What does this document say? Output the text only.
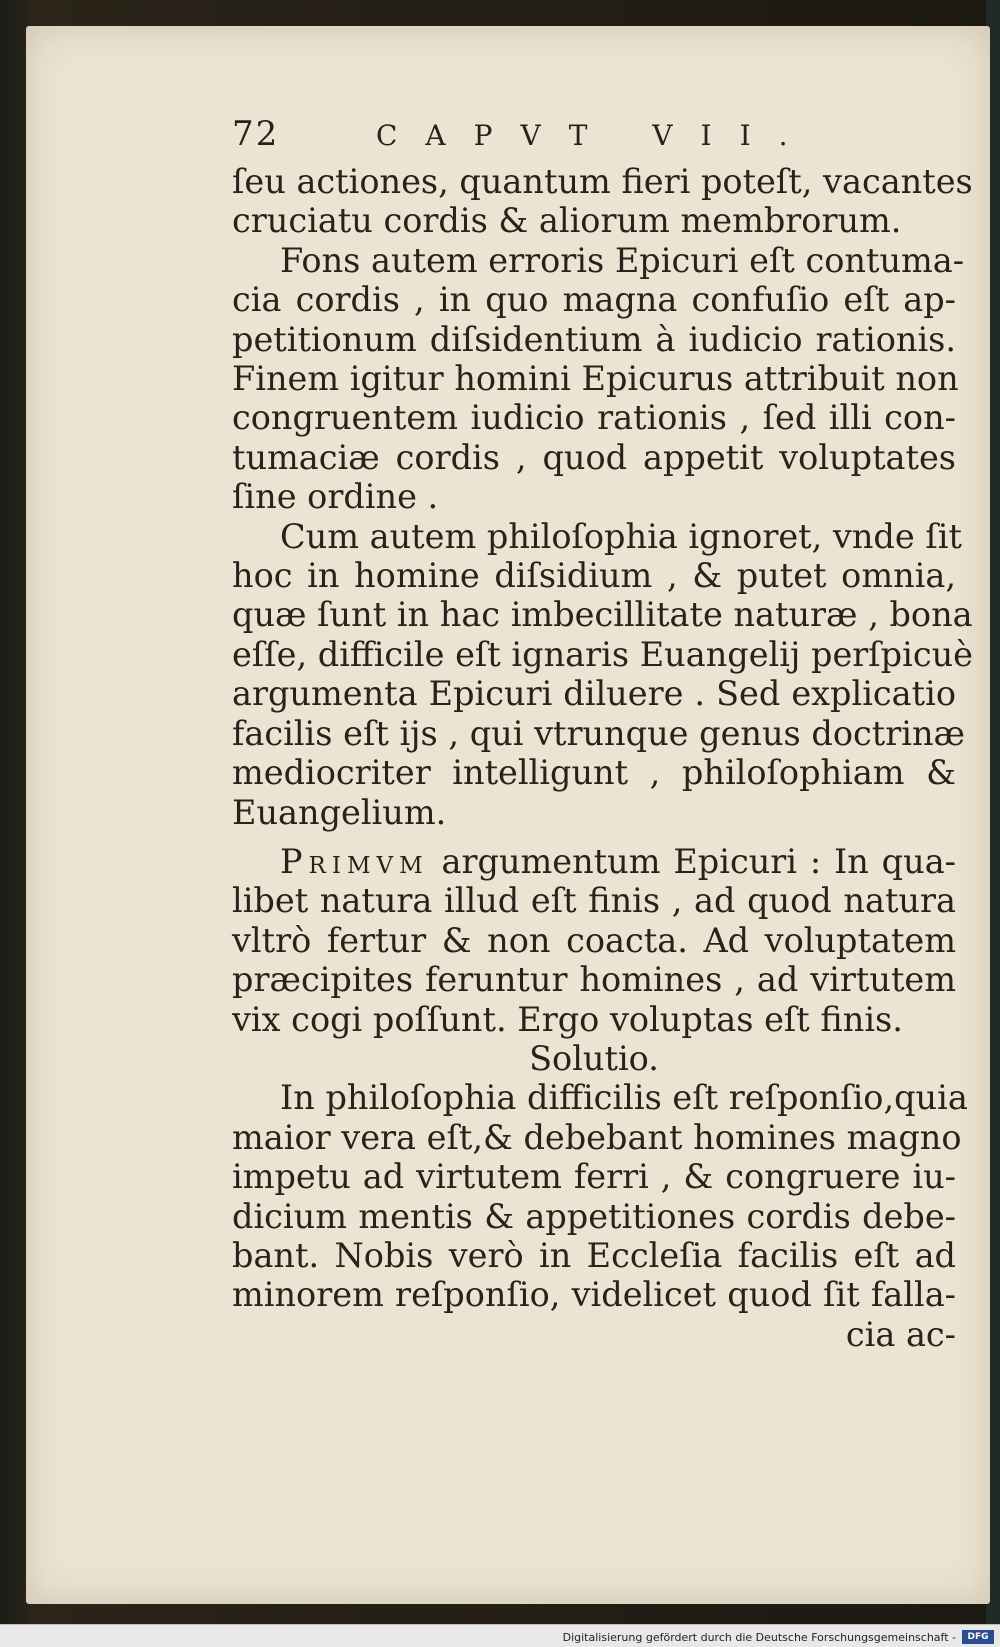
72	CAPVT VII.

ſeu actiones, quantum fieri poteſt, vacantes
cruciatu cordis & aliorum membrorum.

Fons autem erroris Epicuri eſt contuma-
cia cordis , in quo magna confuſio eſt ap-
petitionum diſsidentium à iudicio rationis.
Finem igitur homini Epicurus attribuit non
congruentem iudicio rationis , ſed illi con-
tumaciæ cordis , quod appetit voluptates
ſine ordine .

Cum autem philoſophia ignoret, vnde ſit
hoc in homine diſsidium , & putet omnia,
quæ ſunt in hac imbecillitate naturæ , bona
eſſe, difficile eſt ignaris Euangelij perſpicuè
argumenta Epicuri diluere . Sed explicatio
facilis eſt ijs , qui vtrunque genus doctrinæ
mediocriter intelligunt , philoſophiam &
Euangelium.

Primvm argumentum Epicuri : In qua-
libet natura illud eſt finis , ad quod natura
vltrò fertur & non coacta. Ad voluptatem
præcipites feruntur homines , ad virtutem
vix cogi poſſunt. Ergo voluptas eſt finis.

Solutio.

In philoſophia difficilis eſt reſponſio,quia
maior vera eſt,& debebant homines magno
impetu ad virtutem ferri , & congruere iu-
dicium mentis & appetitiones cordis debe-
bant. Nobis verò in Eccleſia facilis eſt ad
minorem reſponſio, videlicet quod ſit falla-
cia ac-

Digitalisierung gefördert durch die Deutsche Forschungsgemeinschaft -	DFG
